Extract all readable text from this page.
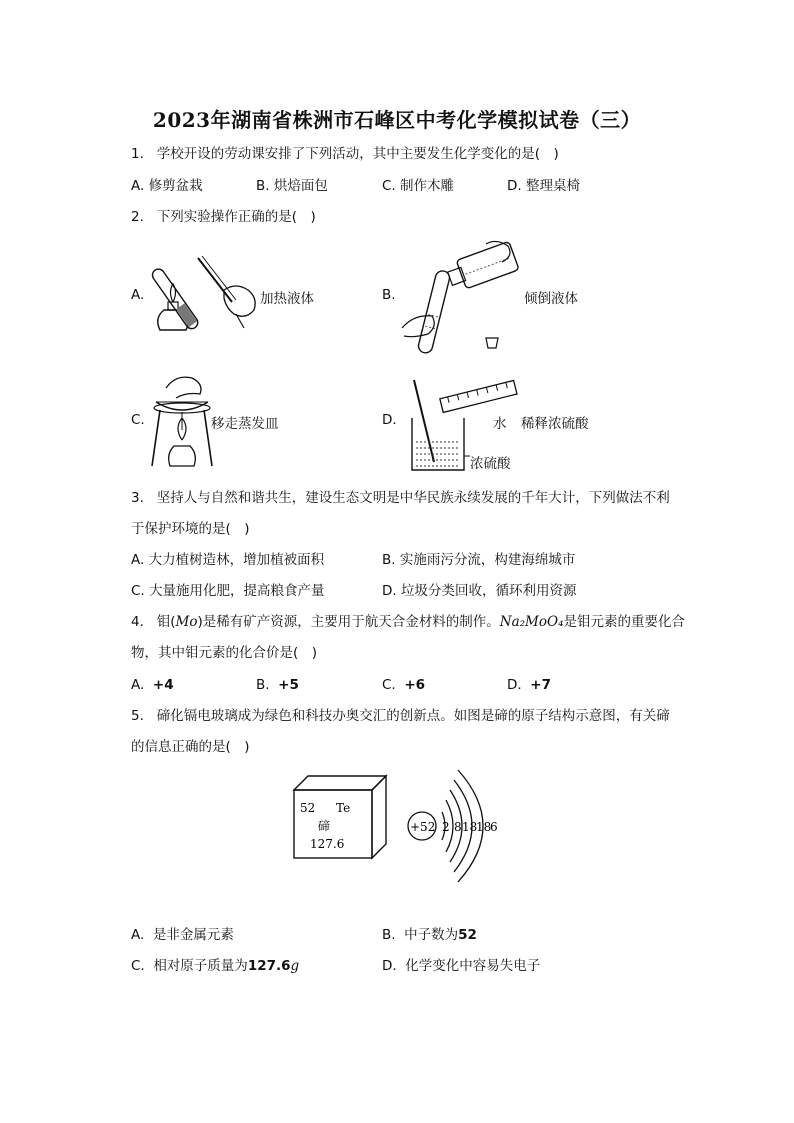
2023年湖南省株洲市石峰区中考化学模拟试卷（三）
1. 学校开设的劳动课安排了下列活动，其中主要发生化学变化的是(　)
A. 修剪盆栽	B. 烘焙面包	C. 制作木雕	D. 整理桌椅
2. 下列实验操作正确的是(　)
A.	加热液体	B.	倾倒液体
C.	移走蒸发皿	D.	水 稀释浓硫酸
浓硫酸
3. 坚持人与自然和谐共生，建设生态文明是中华民族永续发展的千年大计，下列做法不利
于保护环境的是(　)
A. 大力植树造林，增加植被面积	B. 实施雨污分流，构建海绵城市
C. 大量施用化肥，提高粮食产量	D. 垃圾分类回收，循环利用资源
4. 钼(Mo)是稀有矿产资源，主要用于航天合金材料的制作。Na₂MoO₄是钼元素的重要化合
物，其中钼元素的化合价是(　)
A. +4	B. +5	C. +6	D. +7
5. 碲化镉电玻璃成为绿色和科技办奥交汇的创新点。如图是碲的原子结构示意图，有关碲
的信息正确的是(　)
52 Te
碲
127.6
+52 2 8 18
18
6
A. 是非金属元素	B. 中子数为52
C. 相对原子质量为127.6g	D. 化学变化中容易失电子
